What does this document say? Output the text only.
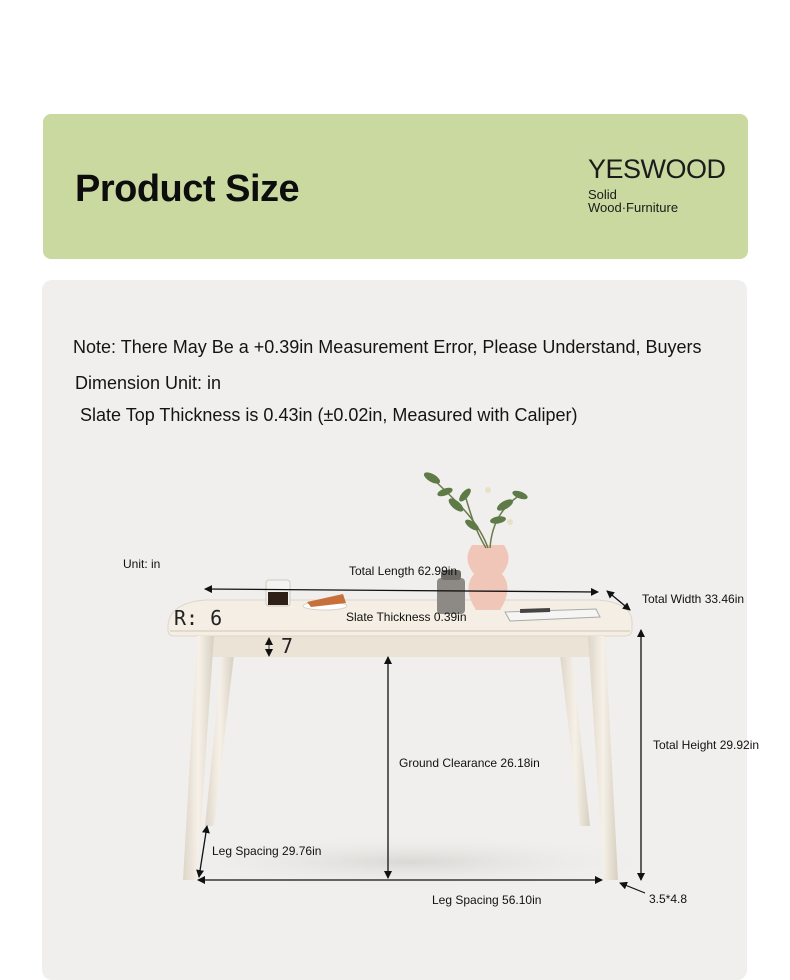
Product Size	YESWOOD
Solid
Wood·Furniture
Note: There May Be a +0.39in Measurement Error, Please Understand, Buyers
Dimension Unit: in
Slate Top Thickness is 0.43in (±0.02in, Measured with Caliper)
Unit: in
R: 6
7
Total Length 62.99in
Total Width 33.46in
Slate Thickness 0.39in
Ground Clearance 26.18in
Total Height 29.92in
Leg Spacing 29.76in
Leg Spacing 56.10in	3.5*4.8
